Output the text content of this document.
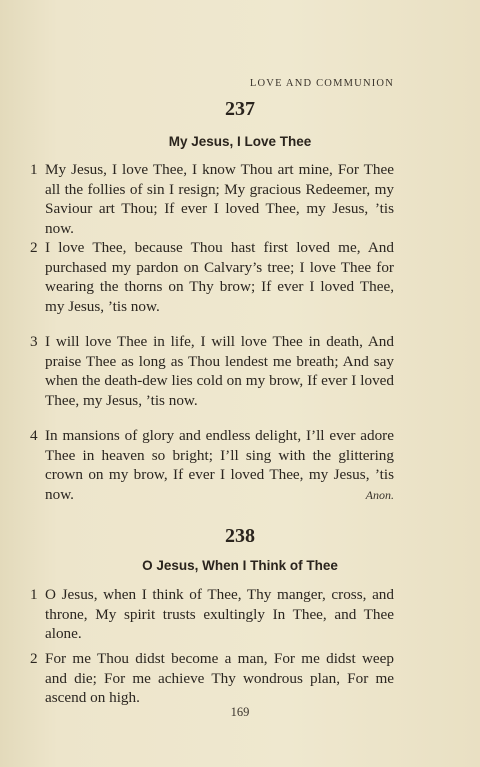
LOVE AND COMMUNION
237
My Jesus, I Love Thee
1 My Jesus, I love Thee, I know Thou art mine, For Thee all the follies of sin I resign; My gracious Redeemer, my Saviour art Thou; If ever I loved Thee, my Jesus, ’tis now.
2 I love Thee, because Thou hast first loved me, And purchased my pardon on Calvary’s tree; I love Thee for wearing the thorns on Thy brow; If ever I loved Thee, my Jesus, ’tis now.
3 I will love Thee in life, I will love Thee in death, And praise Thee as long as Thou lendest me breath; And say when the death-dew lies cold on my brow, If ever I loved Thee, my Jesus, ’tis now.
4 In mansions of glory and endless delight, I’ll ever adore Thee in heaven so bright; I’ll sing with the glittering crown on my brow, If ever I loved Thee, my Jesus, ’tis now.	Anon.
238
O Jesus, When I Think of Thee
1 O Jesus, when I think of Thee, Thy manger, cross, and throne, My spirit trusts exultingly In Thee, and Thee alone.
2 For me Thou didst become a man, For me didst weep and die; For me achieve Thy wondrous plan, For me ascend on high.
169
